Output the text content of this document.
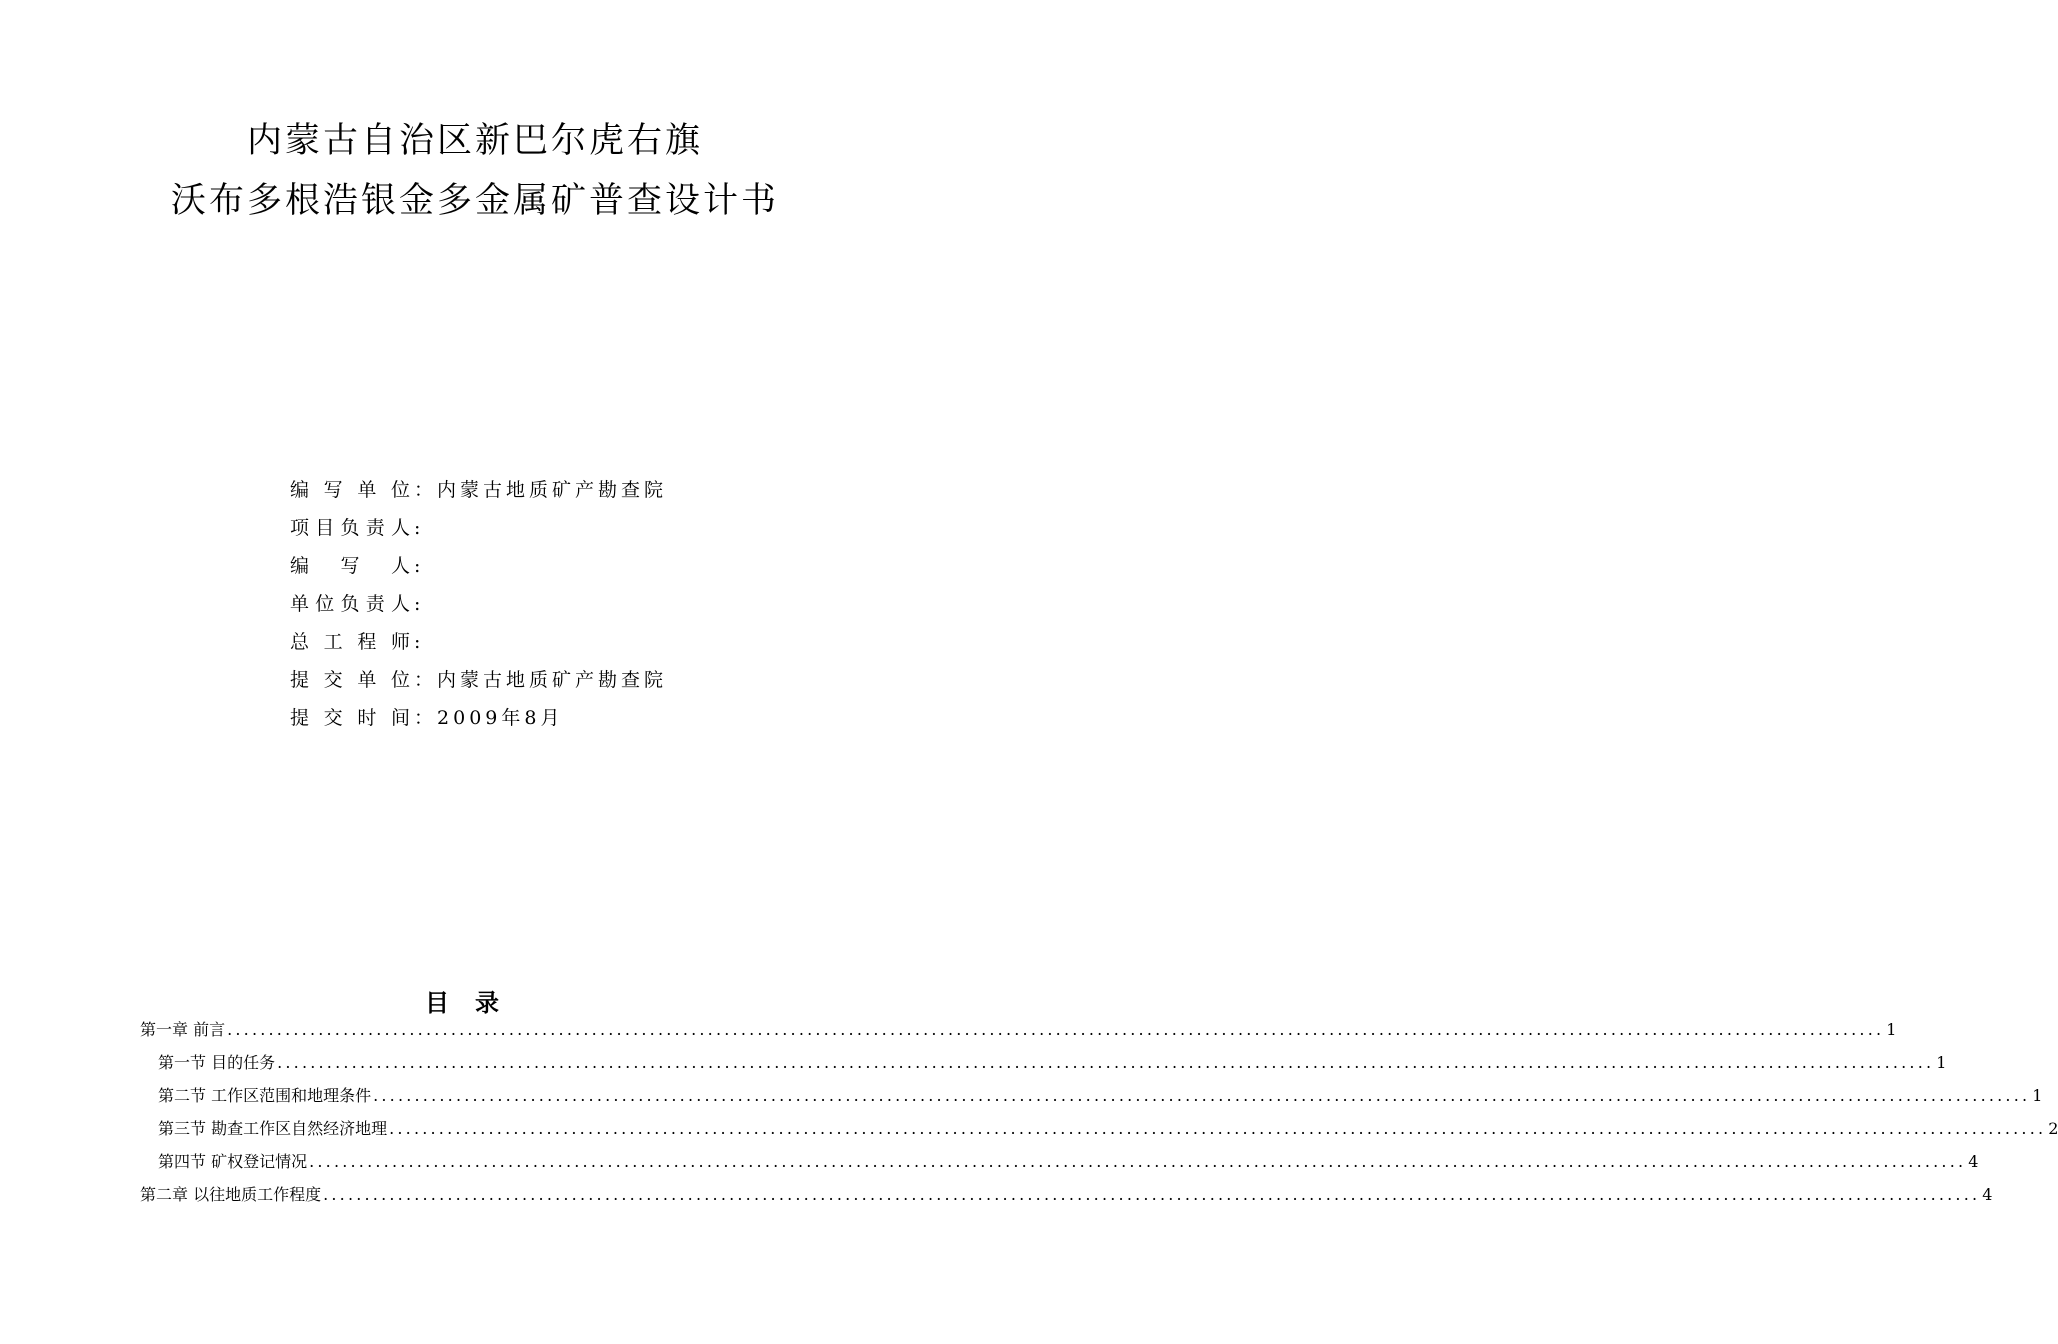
内蒙古自治区新巴尔虎右旗
沃布多根浩银金多金属矿普查设计书
编写单位 ： 内蒙古地质矿产勘查院
项目负责人 :
编 写 人 :
单位负责人 :
总工程师 :
提交单位 ： 内蒙古地质矿产勘查院
提交时间 ： 2009年8月
目录
第一章 前言 ........................................................................................................................................................................................................ 1
第一节 目的任务 ........................................................................................................................................................................................................ 1
第二节 工作区范围和地理条件 ........................................................................................................................................................................................................ 1
第三节 勘查工作区自然经济地理 ........................................................................................................................................................................................................ 2
第四节 矿权登记情况 ........................................................................................................................................................................................................ 4
第二章 以往地质工作程度 ........................................................................................................................................................................................................ 4
